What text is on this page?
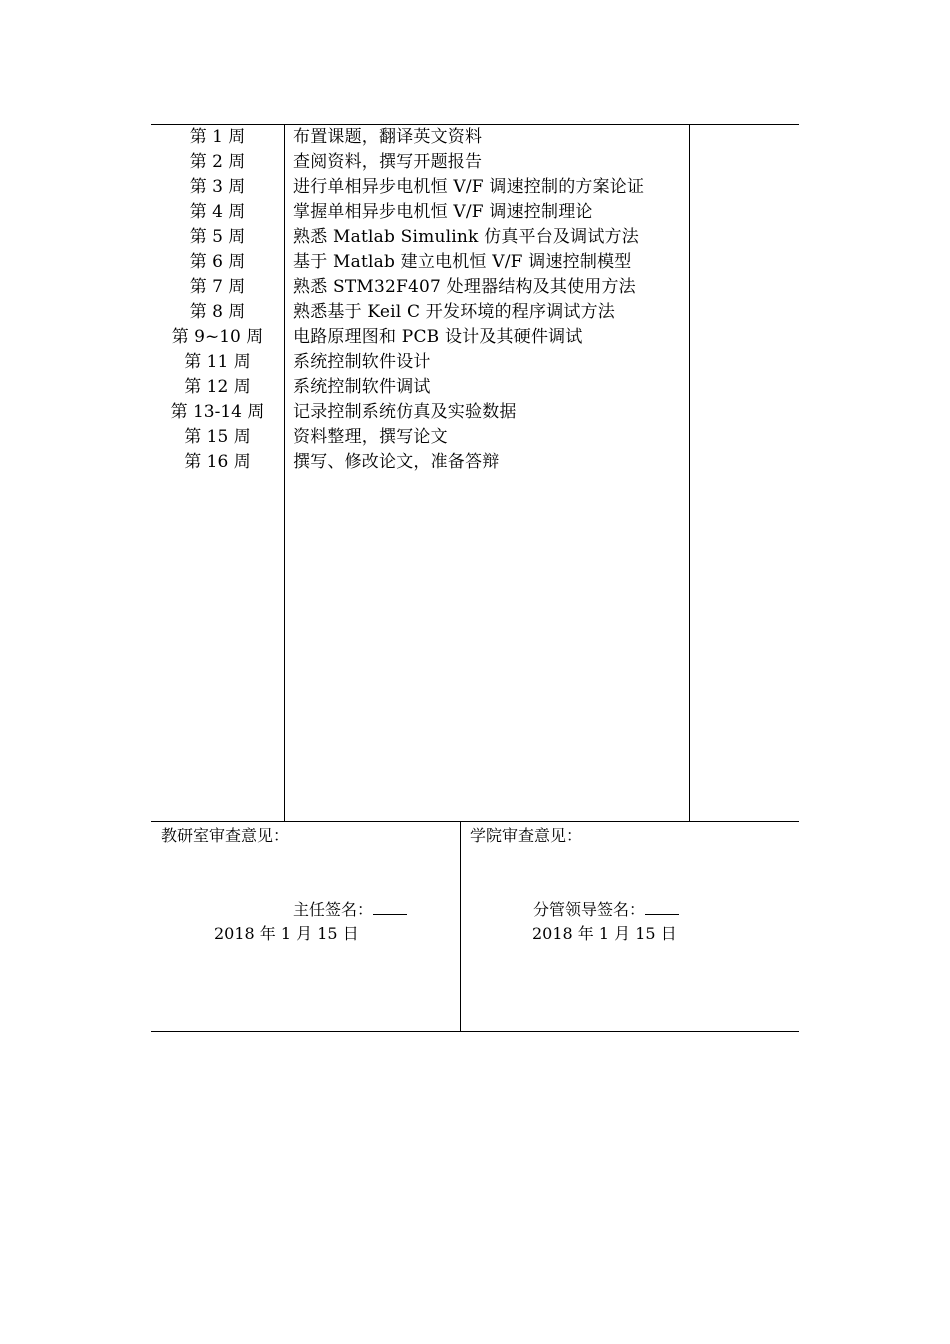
第 1 周	布置课题，翻译英文资料
第 2 周	查阅资料，撰写开题报告
第 3 周	进行单相异步电机恒 V/F 调速控制的方案论证
第 4 周	掌握单相异步电机恒 V/F 调速控制理论
第 5 周	熟悉 Matlab Simulink 仿真平台及调试方法
第 6 周	基于 Matlab 建立电机恒 V/F 调速控制模型
第 7 周	熟悉 STM32F407 处理器结构及其使用方法
第 8 周	熟悉基于 Keil C 开发环境的程序调试方法
第 9~10 周	电路原理图和 PCB 设计及其硬件调试
第 11 周	系统控制软件设计
第 12 周	系统控制软件调试
第 13-14 周	记录控制系统仿真及实验数据
第 15 周	资料整理，撰写论文
第 16 周	撰写、修改论文，准备答辩
教研室审查意见：
主任签名：
2018 年 1 月 15 日
学院审查意见：
分管领导签名：
2018 年 1 月 15 日
